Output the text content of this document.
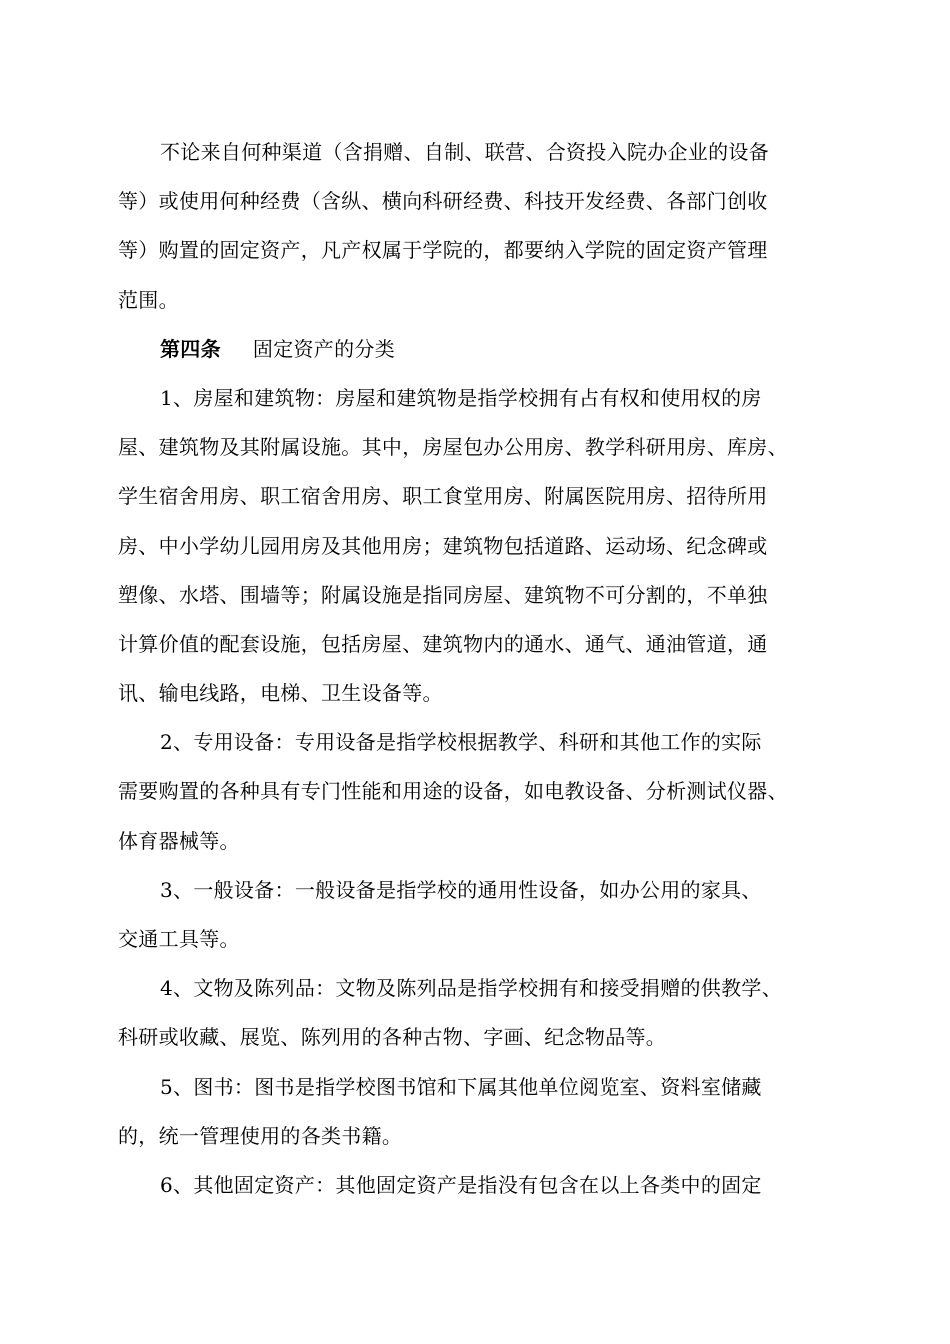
不论来自何种渠道（含捐赠、自制、联营、合资投入院办企业的设备
等）或使用何种经费（含纵、横向科研经费、科技开发经费、各部门创收
等）购置的固定资产，凡产权属于学院的，都要纳入学院的固定资产管理
范围。
第四条 固定资产的分类
1、房屋和建筑物：房屋和建筑物是指学校拥有占有权和使用权的房
屋、建筑物及其附属设施。其中，房屋包办公用房、教学科研用房、库房、
学生宿舍用房、职工宿舍用房、职工食堂用房、附属医院用房、招待所用
房、中小学幼儿园用房及其他用房；建筑物包括道路、运动场、纪念碑或
塑像、水塔、围墙等；附属设施是指同房屋、建筑物不可分割的，不单独
计算价值的配套设施，包括房屋、建筑物内的通水、通气、通油管道，通
讯、输电线路，电梯、卫生设备等。
2、专用设备：专用设备是指学校根据教学、科研和其他工作的实际
需要购置的各种具有专门性能和用途的设备，如电教设备、分析测试仪器、
体育器械等。
3、一般设备：一般设备是指学校的通用性设备，如办公用的家具、
交通工具等。
4、文物及陈列品：文物及陈列品是指学校拥有和接受捐赠的供教学、
科研或收藏、展览、陈列用的各种古物、字画、纪念物品等。
5、图书：图书是指学校图书馆和下属其他单位阅览室、资料室储藏
的，统一管理使用的各类书籍。
6、其他固定资产：其他固定资产是指没有包含在以上各类中的固定
